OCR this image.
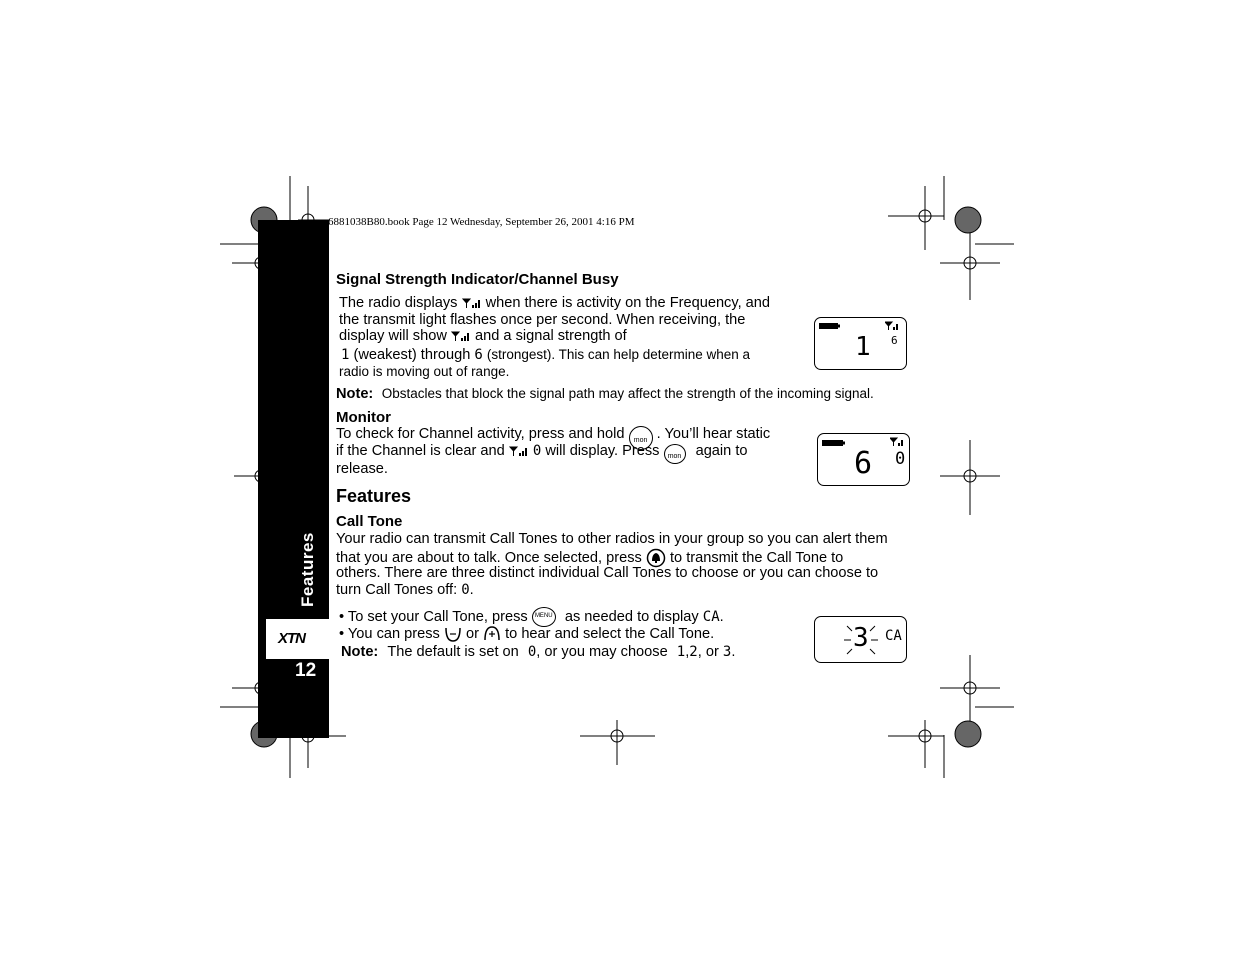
Features
XTN
12
6881038B80.book Page 12 Wednesday, September 26, 2001 4:16 PM
Signal Strength Indicator/Channel Busy
The radio displays when there is activity on the Frequency, and
the transmit light flashes once per second. When receiving, the
display will show and a signal strength of
1 (weakest) through 6 (strongest). This can help determine when a
radio is moving out of range.
1 6
Note: Obstacles that block the signal path may affect the strength of the incoming signal.
Monitor
To check for Channel activity, press and hold mon . You’ll hear static
if the Channel is clear and 0 will display. Press mon again to
release.	6 0
Features
Call Tone
Your radio can transmit Call Tones to other radios in your group so you can alert them
that you are about to talk. Once selected, press to transmit the Call Tone to
others. There are three distinct individual Call Tones to choose or you can choose to
turn Call Tones off: 0.
• To set your Call Tone, press MENU as needed to display CA.
• You can press or to hear and select the Call Tone.
Note: The default is set on 0, or you may choose 1,2, or 3.	3 CA
